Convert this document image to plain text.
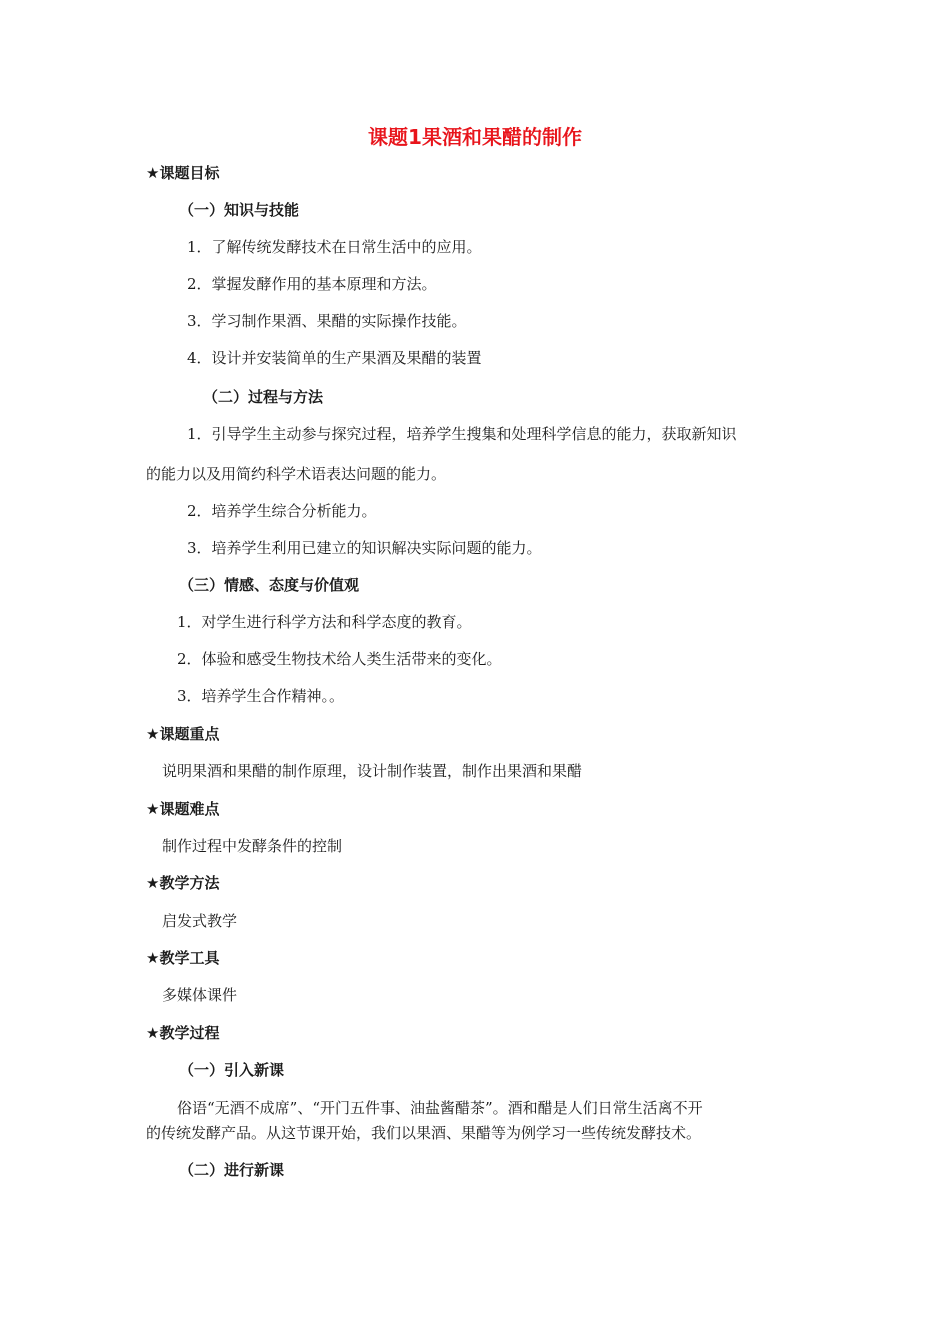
课题1果酒和果醋的制作
★课题目标
（一）知识与技能
1．了解传统发酵技术在日常生活中的应用。
2．掌握发酵作用的基本原理和方法。
3．学习制作果酒、果醋的实际操作技能。
4．设计并安装简单的生产果酒及果醋的装置
（二）过程与方法
1．引导学生主动参与探究过程，培养学生搜集和处理科学信息的能力，获取新知识
的能力以及用简约科学术语表达问题的能力。
2．培养学生综合分析能力。
3．培养学生利用已建立的知识解决实际问题的能力。
（三）情感、态度与价值观
1．对学生进行科学方法和科学态度的教育。
2．体验和感受生物技术给人类生活带来的变化。
3．培养学生合作精神。。
★课题重点
说明果酒和果醋的制作原理，设计制作装置，制作出果酒和果醋
★课题难点
制作过程中发酵条件的控制
★教学方法
启发式教学
★教学工具
多媒体课件
★教学过程
（一）引入新课
俗语“无酒不成席”、“开门五件事、油盐酱醋茶”。酒和醋是人们日常生活离不开
的传统发酵产品。从这节课开始，我们以果酒、果醋等为例学习一些传统发酵技术。
（二）进行新课
